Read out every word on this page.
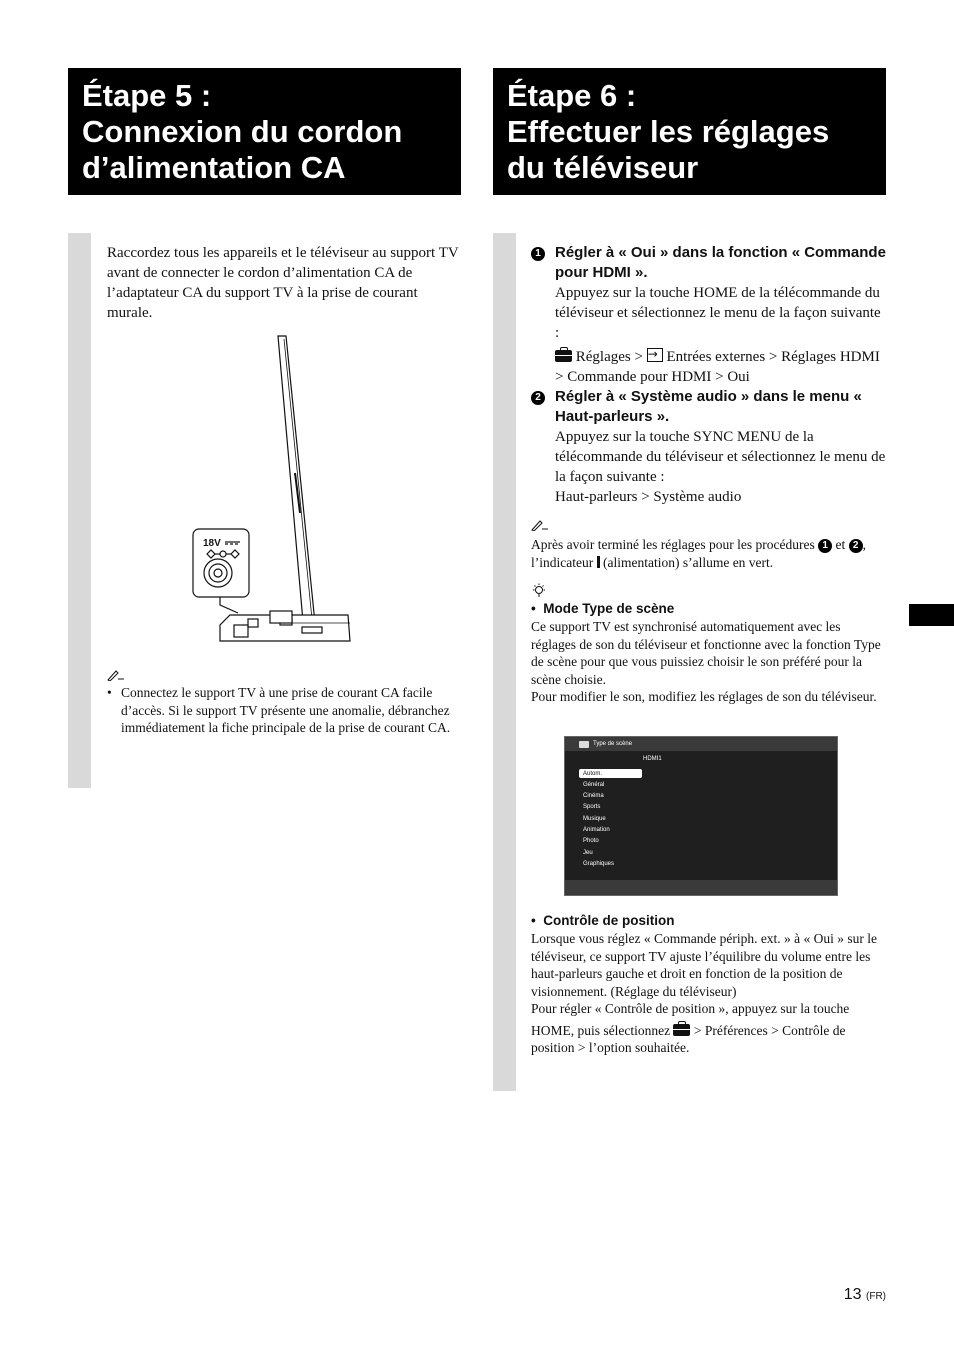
Étape 5 :
Connexion du cordon
d’alimentation CA
Étape 6 :
Effectuer les réglages
du téléviseur
Raccordez tous les appareils et le téléviseur au support TV avant de connecter le cordon d’alimentation CA de l’adaptateur CA du support TV à la prise de courant murale.
18V
• Connectez le support TV à une prise de courant CA facile d’accès. Si le support TV présente une anomalie, débranchez immédiatement la fiche principale de la prise de courant CA.
1 Régler à « Oui » dans la fonction « Commande pour HDMI ».
Appuyez sur la touche HOME de la télécommande du téléviseur et sélectionnez le menu de la façon suivante :
Réglages > → Entrées externes > Réglages HDMI > Commande pour HDMI > Oui
2 Régler à « Système audio » dans le menu « Haut-parleurs ».
Appuyez sur la touche SYNC MENU de la télécommande du téléviseur et sélectionnez le menu de la façon suivante :
Haut-parleurs > Système audio
Après avoir terminé les réglages pour les procédures 1 et 2 , l’indicateur (alimentation) s’allume en vert.
•  Mode Type de scène
Ce support TV est synchronisé automatiquement avec les réglages de son du téléviseur et fonctionne avec la fonction Type de scène pour que vous puissiez choisir le son préféré pour la scène choisie.
Pour modifier le son, modifiez les réglages de son du téléviseur.
Type de scène
HDMI1
Autom.
Général
Cinéma
Sports
Musique
Animation
Photo
Jeu
Graphiques
•  Contrôle de position
Lorsque vous réglez « Commande périph. ext. » à « Oui » sur le téléviseur, ce support TV ajuste l’équilibre du volume entre les haut-parleurs gauche et droit en fonction de la position de visionnement. (Réglage du téléviseur)
Pour régler « Contrôle de position », appuyez sur la touche
HOME, puis sélectionnez > Préférences > Contrôle de position > l’option souhaitée.
13 (FR)
